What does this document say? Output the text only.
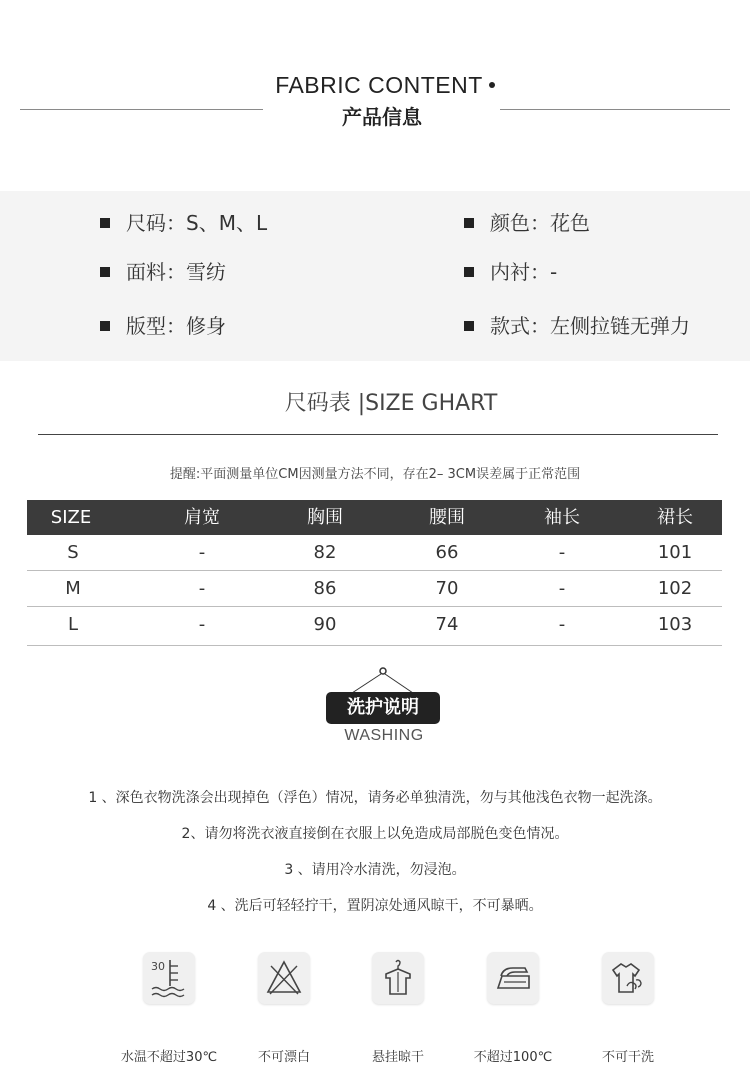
FABRIC CONTENT
产品信息
尺码：S、M、L	颜色：花色
面料：雪纺	内衬：-
版型：修身	款式：左侧拉链无弹力
尺码表 |SIZE GHART
提醒:平面测量单位CM因测量方法不同，存在2– 3CM误差属于正常范围
SIZE	肩宽	胸围	腰围	袖长	裙长
S	-	82	66	-	101
M	-	86	70	-	102
L	-	90	74	-	103
洗护说明
WASHING
1 、深色衣物洗涤会出现掉色（浮色）情况，请务必单独清洗，勿与其他浅色衣物一起洗涤。
2、请勿将洗衣液直接倒在衣服上以免造成局部脱色变色情况。
3 、请用冷水清洗，勿浸泡。
4 、洗后可轻轻拧干，置阴凉处通风晾干，不可暴晒。
30
水温不超过30℃	不可漂白	悬挂晾干	不超过100℃	不可干洗
